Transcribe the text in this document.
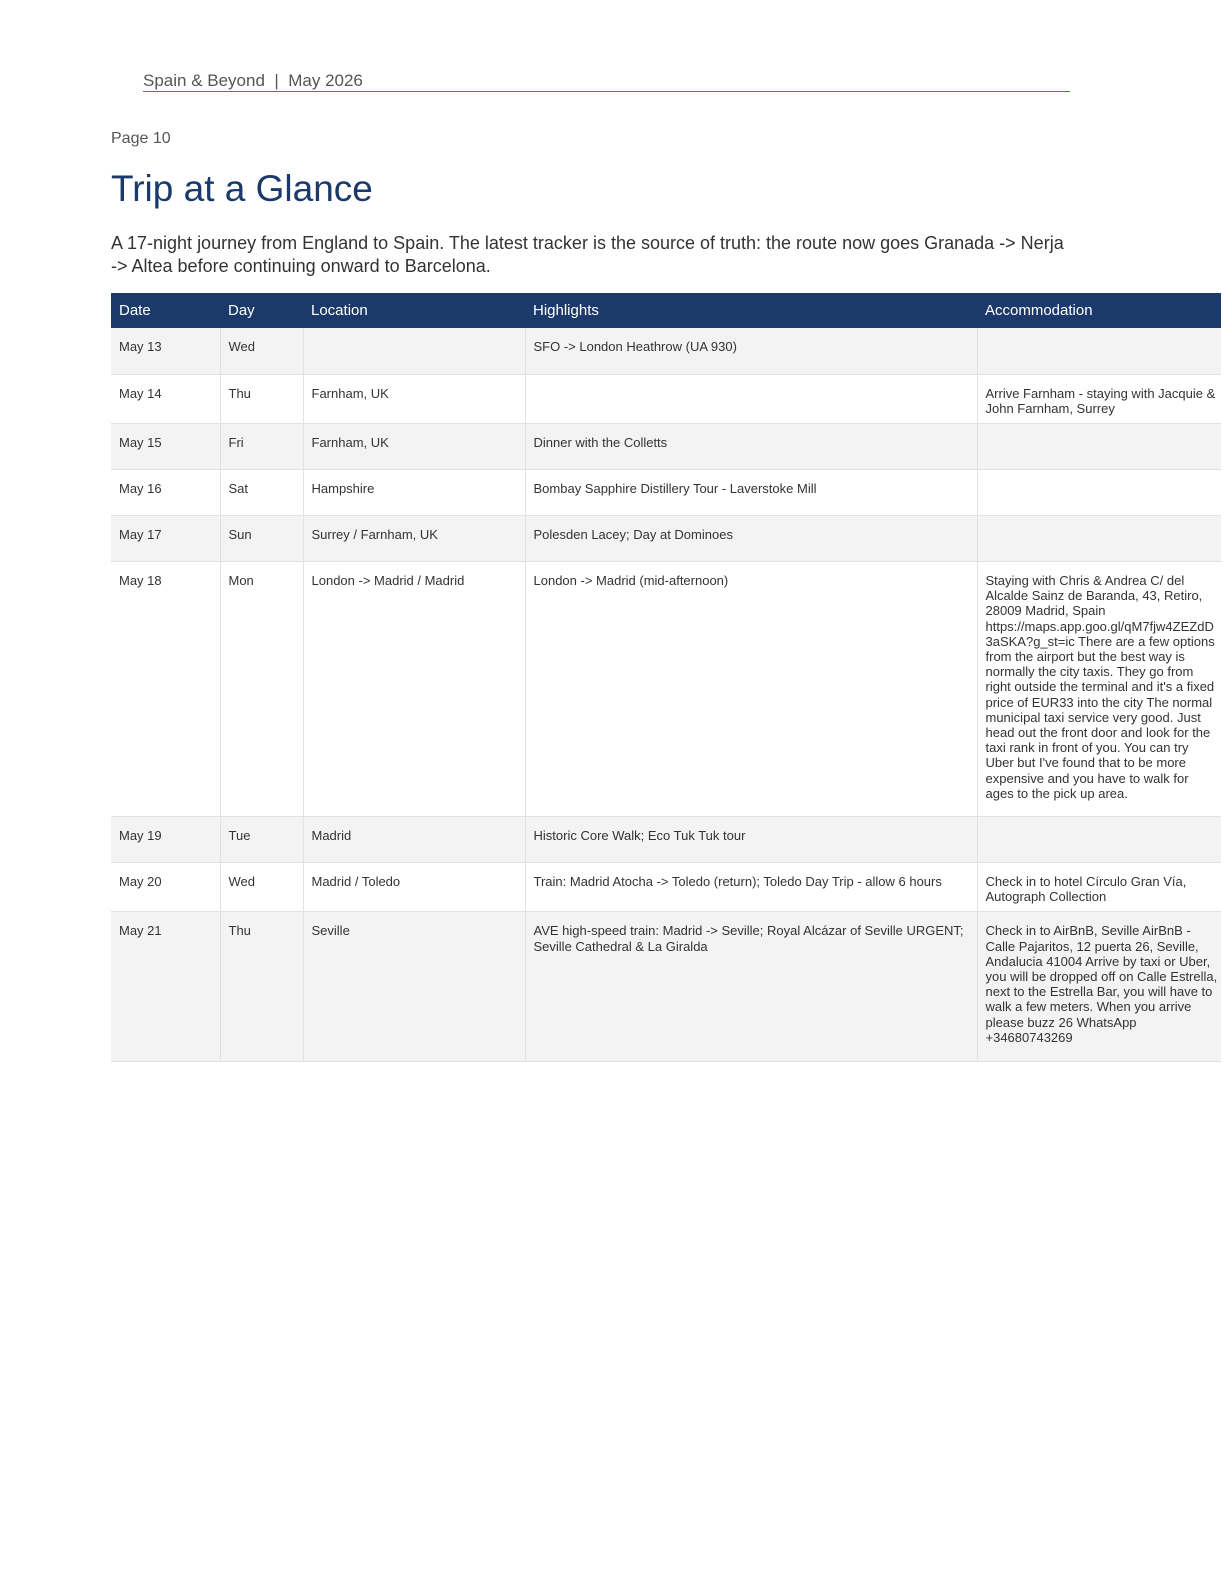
Spain & Beyond  |  May 2026
Page 10
Trip at a Glance

A 17-night journey from England to Spain. The latest tracker is the source of truth: the route now goes Granada -> Nerja -> Altea before continuing onward to Barcelona.

Date	Day	Location	Highlights	Accommodation
May 13	Wed		SFO -> London Heathrow (UA 930)	
May 14	Thu	Farnham, UK		Arrive Farnham - staying with Jacquie & John Farnham, Surrey
May 15	Fri	Farnham, UK	Dinner with the Colletts	
May 16	Sat	Hampshire	Bombay Sapphire Distillery Tour - Laverstoke Mill	
May 17	Sun	Surrey / Farnham, UK	Polesden Lacey; Day at Dominoes	
May 18	Mon	London -> Madrid / Madrid	London -> Madrid (mid-afternoon)	Staying with Chris & Andrea C/ del Alcalde Sainz de Baranda, 43, Retiro, 28009 Madrid, Spain https://maps.app.goo.gl/qM7fjw4ZEZdD3aSKA?g_st=ic There are a few options from the airport but the best way is normally the city taxis. They go from right outside the terminal and it's a fixed price of EUR33 into the city The normal municipal taxi service very good. Just head out the front door and look for the taxi rank in front of you. You can try Uber but I've found that to be more expensive and you have to walk for ages to the pick up area.
May 19	Tue	Madrid	Historic Core Walk; Eco Tuk Tuk tour	
May 20	Wed	Madrid / Toledo	Train: Madrid Atocha -> Toledo (return); Toledo Day Trip - allow 6 hours	Check in to hotel Círculo Gran Vía, Autograph Collection
May 21	Thu	Seville	AVE high-speed train: Madrid -> Seville; Royal Alcázar of Seville URGENT; Seville Cathedral & La Giralda	Check in to AirBnB, Seville AirBnB - Calle Pajaritos, 12 puerta 26, Seville, Andalucia 41004 Arrive by taxi or Uber, you will be dropped off on Calle Estrella, next to the Estrella Bar, you will have to walk a few meters. When you arrive please buzz 26 WhatsApp +34680743269
